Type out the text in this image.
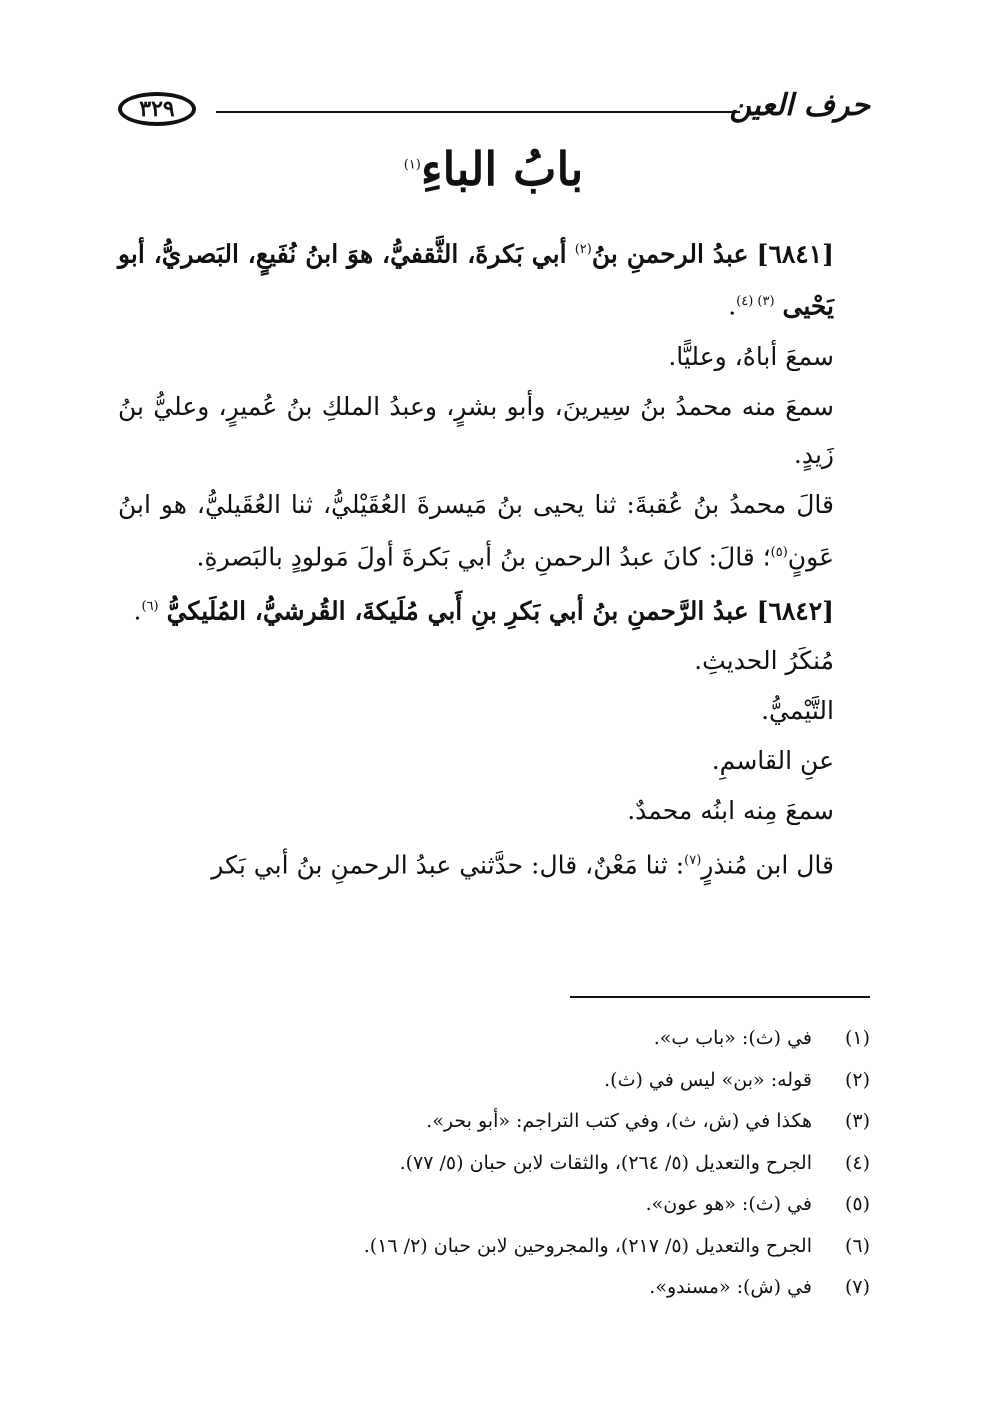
٣٢٩	حرف العين
بابُ الباءِ$^{(١)}$

[٦٨٤١] عبدُ الرحمنِ بنُ$^{(٢)}$ أبي بَكرةَ، الثَّقفيُّ، هوَ ابنُ نُفَيعٍ، البَصريُّ، أبو يَحْيى $^{(٣) (٤)}$.

سمعَ أباهُ، وعليًّا.

سمعَ منه محمدُ بنُ سِيرينَ، وأبو بشرٍ، وعبدُ الملكِ بنُ عُميرٍ، وعليُّ بنُ زَيدٍ.

قالَ محمدُ بنُ عُقبةَ: ثنا يحيى بنُ مَيسرةَ العُقَيْليُّ، ثنا العُقَيليُّ، هو ابنُ عَونٍ$^{(٥)}$؛ قالَ: كانَ عبدُ الرحمنِ بنُ أبي بَكرةَ أولَ مَولودٍ بالبَصرةِ.

[٦٨٤٢] عبدُ الرَّحمنِ بنُ أبي بَكرِ بنِ أَبي مُلَيكةَ، القُرشيُّ، المُلَيكيُّ $^{(٦)}$.

مُنكَرُ الحديثِ.

التَّيْميُّ.

عنِ القاسمِ.

سمعَ مِنه ابنُه محمدٌ.

قال ابن مُنذرٍ$^{(٧)}$: ثنا مَعْنٌ، قال: حدَّثني عبدُ الرحمنِ بنُ أبي بَكر

(١)في (ث): «باب ب».
(٢)قوله: «بن» ليس في (ث).
(٣)هكذا في (ش، ث)، وفي كتب التراجم: «أبو بحر».
(٤)الجرح والتعديل (٥/ ٢٦٤)، والثقات لابن حبان (٥/ ٧٧).
(٥)في (ث): «هو عون».
(٦)الجرح والتعديل (٥/ ٢١٧)، والمجروحين لابن حبان (٢/ ١٦).
(٧)في (ش): «مسندو».
